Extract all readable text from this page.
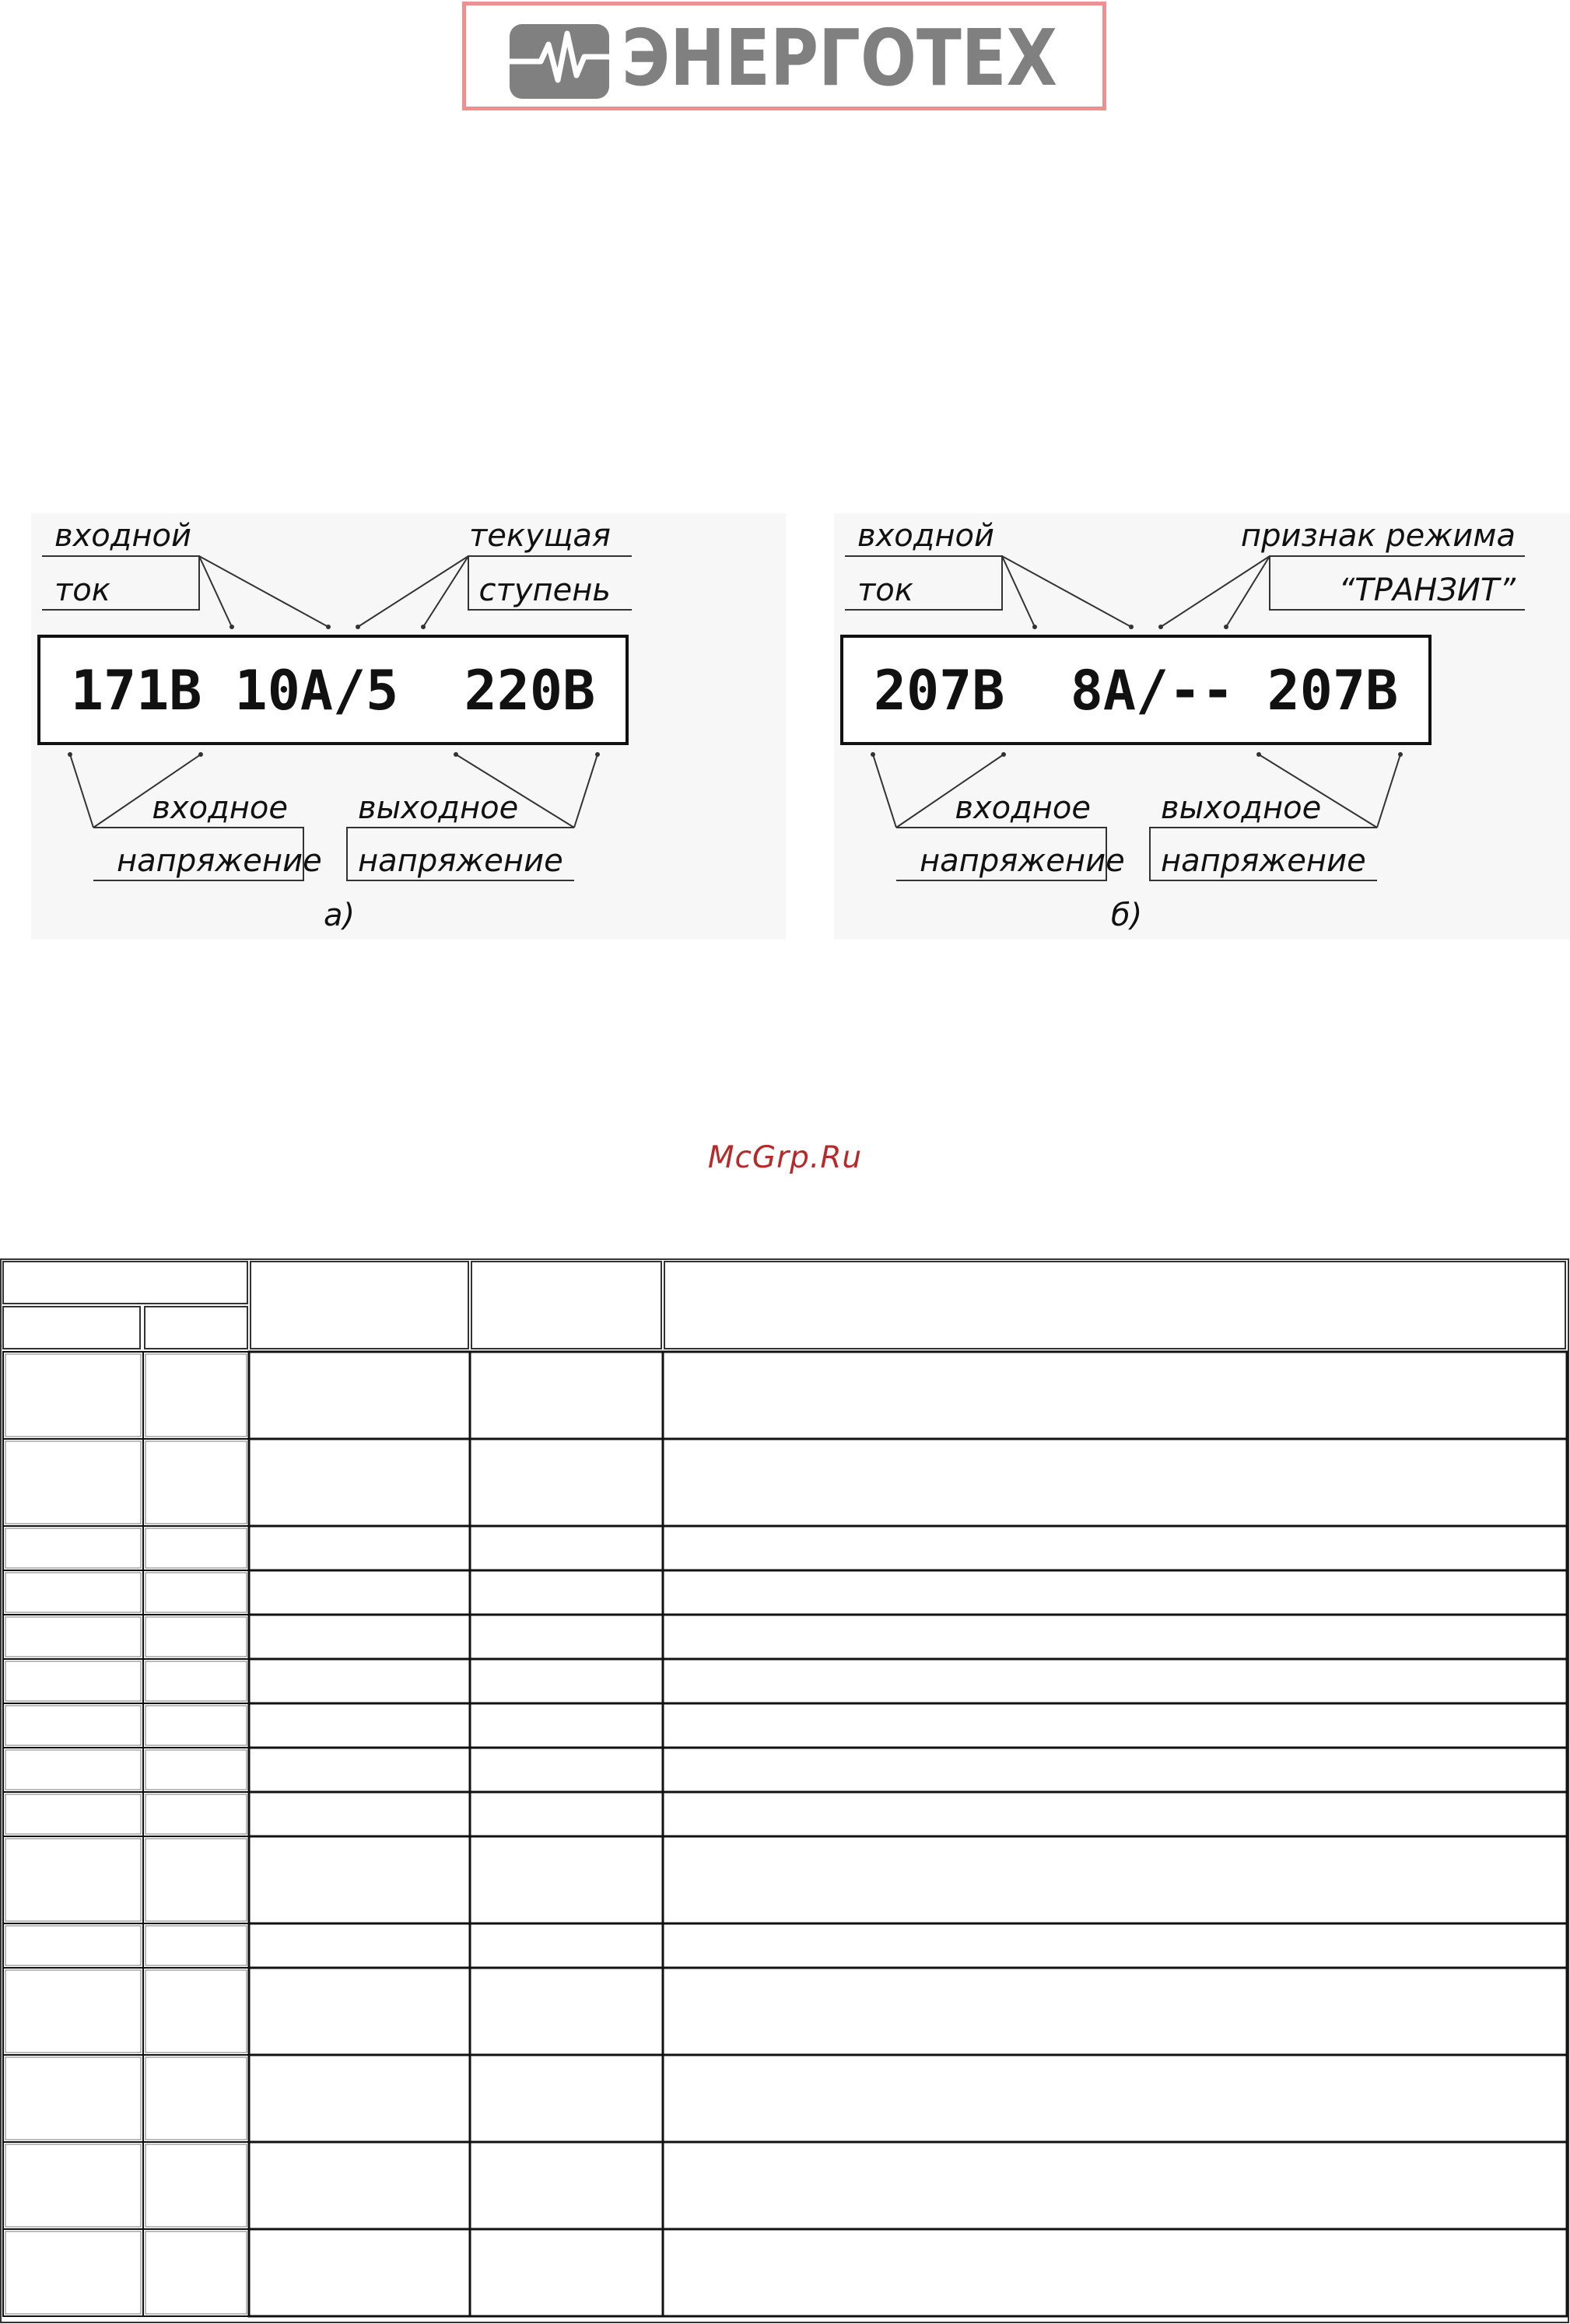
ЭНЕРГОТЕХ
входной
ток
текущая
ступень
171В 10А/5  220В
входное
напряжение
выходное
напряжение
а)
входной
ток
признак режима
“ТРАНЗИТ”
207В  8А/-- 207В
входное
напряжение
выходное
напряжение
б)
McGrp.Ru
